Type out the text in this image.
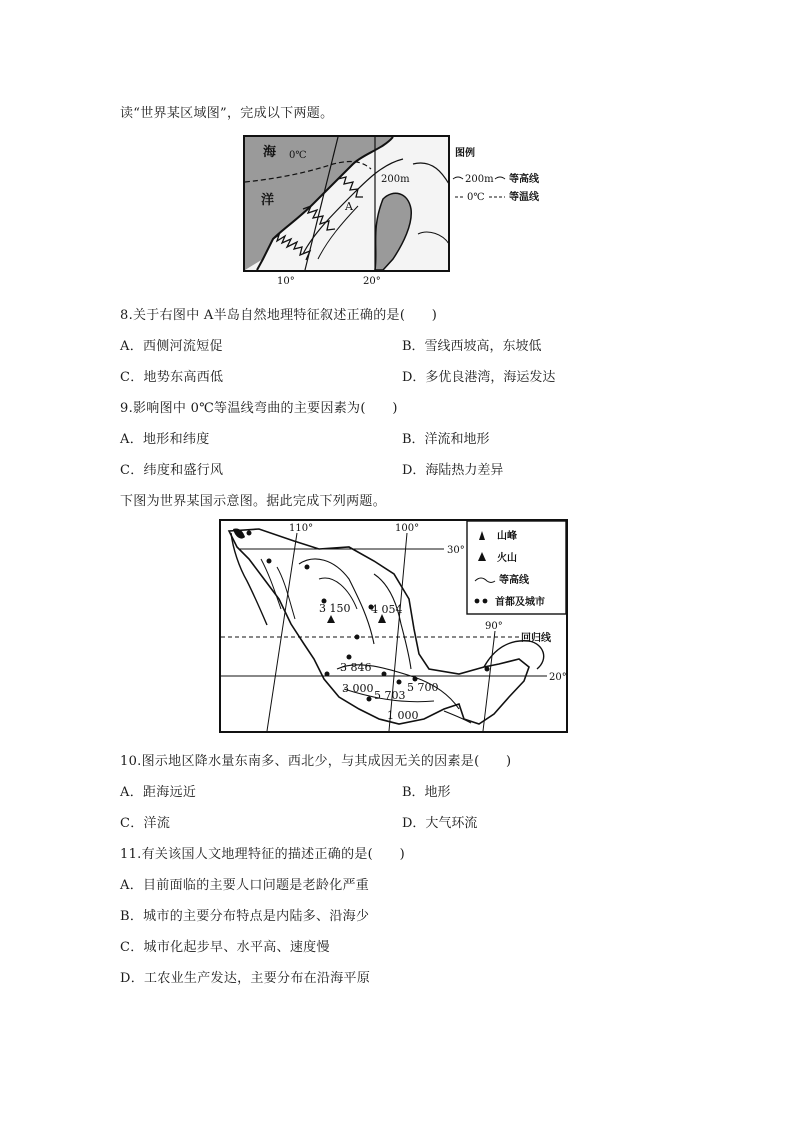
读“世界某区域图”，完成以下两题。
海
洋
0℃
200m
A
10°	20°
图例
200m 等高线
0℃ 等温线
8.关于右图中 A半岛自然地理特征叙述正确的是(　　)
A．西侧河流短促	B．雪线西坡高，东坡低
C．地势东高西低	D．多优良港湾，海运发达
9.影响图中 0℃等温线弯曲的主要因素为(　　)
A．地形和纬度	B．洋流和地形
C．纬度和盛行风	D．海陆热力差异
下图为世界某国示意图。据此完成下列两题。
3 150 4 054
3 846
3 000
5 703
5 700
1 000
110°	100°
90°
30°
20°
回归线
山峰
火山
等高线
首都及城市
10.图示地区降水量东南多、西北少，与其成因无关的因素是(　　)
A．距海远近	B．地形
C．洋流	D．大气环流
11.有关该国人文地理特征的描述正确的是(　　)
A．目前面临的主要人口问题是老龄化严重
B．城市的主要分布特点是内陆多、沿海少
C．城市化起步早、水平高、速度慢
D．工农业生产发达，主要分布在沿海平原
